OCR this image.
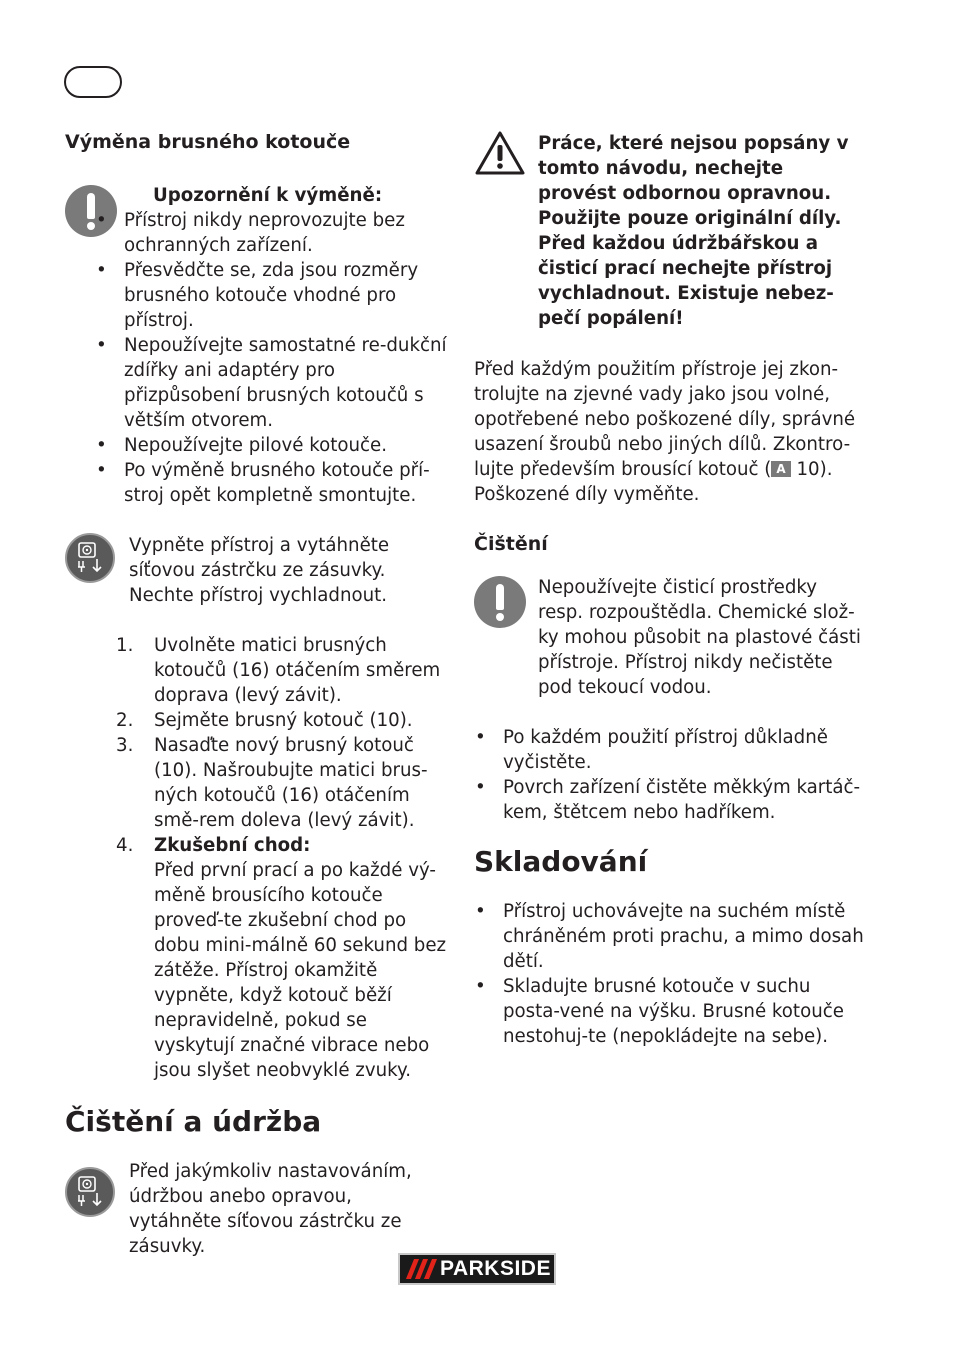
Výměna brusného kotouče

Upozornění k výměně:

• Přístroj nikdy neprovozujte bez ochranných zařízení.
• Přesvědčte se, zda jsou rozměry brusného kotouče vhodné pro přístroj.
• Nepoužívejte samostatné re-dukční zdířky ani adaptéry pro přizpůsobení brusných kotoučů s větším otvorem.
• Nepoužívejte pilové kotouče.
• Po výměně brusného kotouče pří-stroj opět kompletně smontujte.

Vypněte přístroj a vytáhněte síťovou zástrčku ze zásuvky.

Nechte přístroj vychladnout.

1. Uvolněte matici brusných kotoučů (16) otáčením směrem doprava (levý závit).
2. Sejměte brusný kotouč (10).
3. Nasaďte nový brusný kotouč (10). Našroubujte matici brus-ných kotoučů (16) otáčením smě-rem doleva (levý závit).
4. Zkušební chod:
Před první prací a po každé vý-měně brousícího kotouče proveď-te zkušební chod po dobu mini-málně 60 sekund bez zátěže. Přístroj okamžitě vypněte, když kotouč běží nepravidelně, pokud se vyskytují značné vibrace nebo jsou slyšet neobvyklé zvuky.
Čištění a údržba

Před jakýmkoliv nastavováním, údržbou anebo opravou, vytáhněte síťovou zástrčku ze zásuvky.

Práce, které nejsou popsány v tomto návodu, nechejte provést odbornou opravnou. Použijte pouze originální díly. Před každou údržbářskou a čisticí prací nechejte přístroj vychladnout. Existuje nebez-pečí popálení!

Před každým použitím přístroje jej zkon-trolujte na zjevné vady jako jsou volné, opotřebené nebo poškozené díly, správné usazení šroubů nebo jiných dílů. Zkontro-lujte především brousící kotouč ( A 10). Poškozené díly vyměňte.

Čištění

Nepoužívejte čisticí prostředky resp. rozpouštědla. Chemické slož-ky mohou působit na plastové části přístroje. Přístroj nikdy nečistěte pod tekoucí vodou.

• Po každém použití přístroj důkladně vyčistěte.
• Povrch zařízení čistěte měkkým kartáč-kem, štětcem nebo hadříkem.
Skladování
• Přístroj uchovávejte na suchém místě chráněném proti prachu, a mimo dosah dětí.
• Skladujte brusné kotouče v suchu posta-vené na výšku. Brusné kotouče nestohuj-te (nepokládejte na sebe).
PARKSIDE
